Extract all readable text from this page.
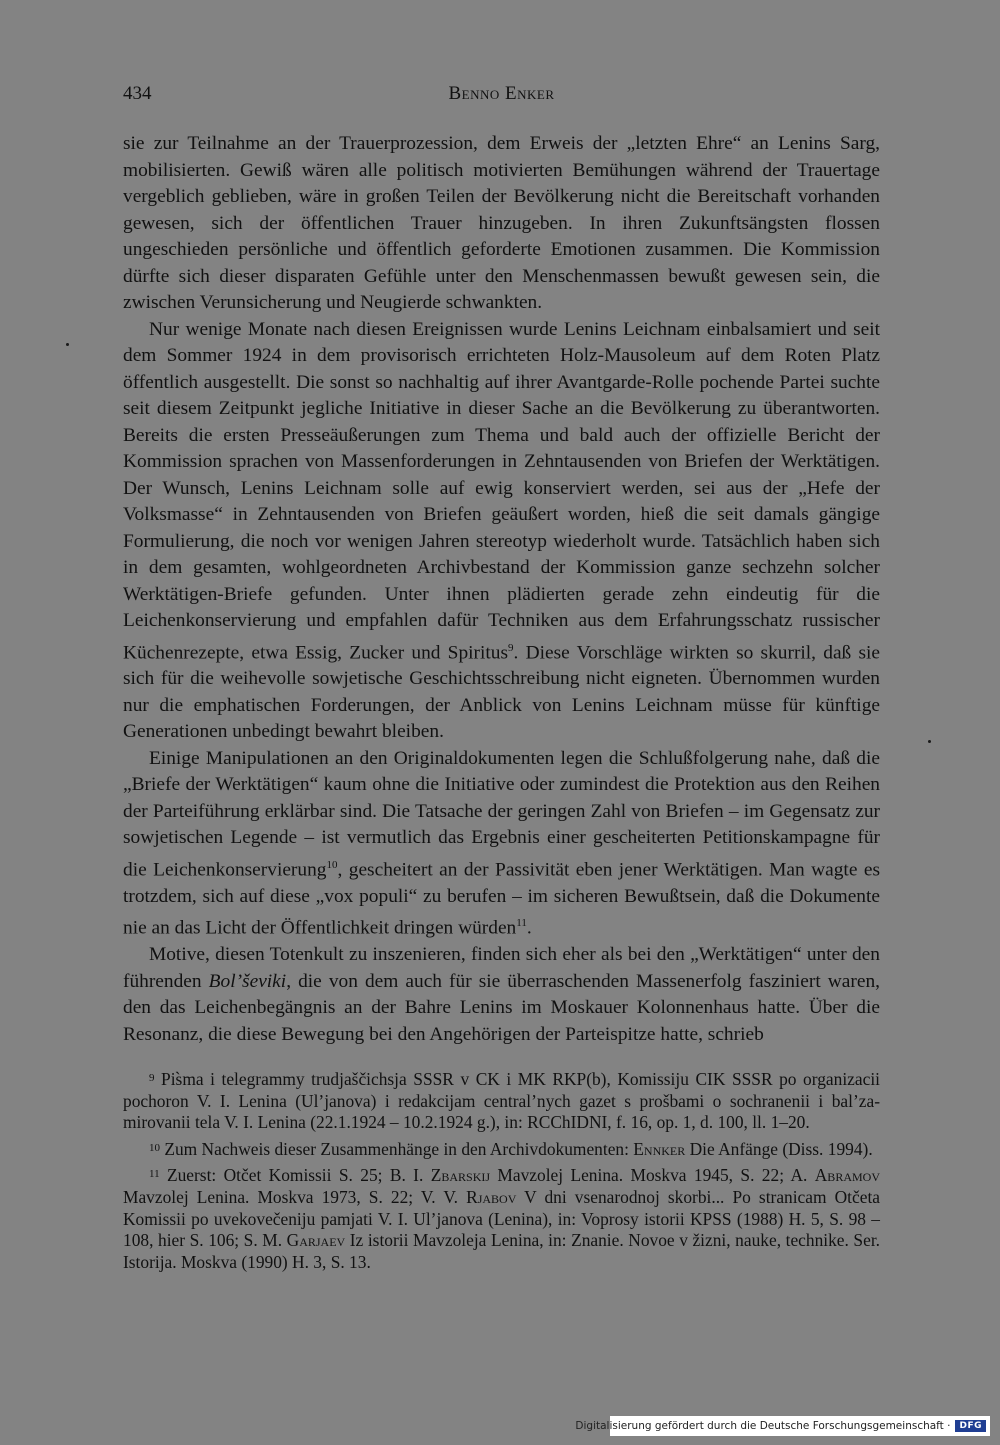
434	Benno Enker

sie zur Teilnahme an der Trauerprozession, dem Erweis der „letzten Ehre“ an Lenins Sarg, mobilisierten. Gewiß wären alle politisch motivierten Bemühungen während der Trauertage vergeblich geblieben, wäre in großen Teilen der Bevölkerung nicht die Bereitschaft vorhanden gewesen, sich der öffentlichen Trauer hinzugeben. In ihren Zukunftsängsten flossen ungeschieden persönliche und öffentlich geforderte Emotionen zusammen. Die Kommission dürfte sich dieser disparaten Gefühle unter den Menschenmassen bewußt gewesen sein, die zwischen Verunsicherung und Neugierde schwankten.

Nur wenige Monate nach diesen Ereignissen wurde Lenins Leichnam einbalsamiert und seit dem Sommer 1924 in dem provisorisch errichteten Holz-Mausoleum auf dem Roten Platz öffentlich ausgestellt. Die sonst so nachhaltig auf ihrer Avantgarde-Rolle pochende Partei suchte seit diesem Zeitpunkt jegliche Initiative in dieser Sache an die Bevölkerung zu überantworten. Bereits die ersten Presseäußerungen zum Thema und bald auch der offizielle Bericht der Kommission sprachen von Massenforderungen in Zehntausenden von Briefen der Werktätigen. Der Wunsch, Lenins Leichnam solle auf ewig konserviert werden, sei aus der „Hefe der Volksmasse“ in Zehntausenden von Briefen geäußert worden, hieß die seit damals gängige Formulierung, die noch vor wenigen Jahren stereotyp wiederholt wurde. Tatsächlich haben sich in dem gesamten, wohlgeordneten Archivbestand der Kommission ganze sechzehn solcher Werktätigen-Briefe gefunden. Unter ihnen plädierten gerade zehn eindeutig für die Leichenkonservierung und empfahlen dafür Techniken aus dem Erfahrungsschatz russischer Küchenrezepte, etwa Essig, Zucker und Spiritus$^9$. Diese Vorschläge wirkten so skurril, daß sie sich für die weihevolle sowjetische Geschichtsschreibung nicht eigneten. Übernommen wurden nur die emphatischen Forderungen, der Anblick von Lenins Leichnam müsse für künftige Generationen unbedingt bewahrt bleiben.

Einige Manipulationen an den Originaldokumenten legen die Schlußfolgerung nahe, daß die „Briefe der Werktätigen“ kaum ohne die Initiative oder zumindest die Protektion aus den Reihen der Parteiführung erklärbar sind. Die Tatsache der geringen Zahl von Briefen – im Gegensatz zur sowjetischen Legende – ist vermutlich das Ergebnis einer gescheiterten Petitionskampagne für die Leichenkonservierung$^{10}$, gescheitert an der Passivität eben jener Werktätigen. Man wagte es trotzdem, sich auf diese „vox populi“ zu berufen – im sicheren Bewußtsein, daß die Dokumente nie an das Licht der Öffentlichkeit dringen würden$^{11}$.

Motive, diesen Totenkult zu inszenieren, finden sich eher als bei den „Werktätigen“ unter den führenden Bol’ševiki, die von dem auch für sie überraschenden Massenerfolg fasziniert waren, den das Leichenbegängnis an der Bahre Lenins im Moskauer Kolonnenhaus hatte. Über die Resonanz, die diese Bewegung bei den Angehörigen der Parteispitze hatte, schrieb

$^9$ Pis̀ma i telegrammy trudjaščichsja SSSR v CK i MK RKP(b), Komissiju CIK SSSR po organizacii pochoron V. I. Lenina (Ul’janova) i redakcijam central’nych gazet s prošbami o sochranenii i bal’zamirovanii tela V. I. Lenina (22.1.1924 – 10.2.1924 g.), in: RCChIDNI, f. 16, op. 1, d. 100, ll. 1–20.

$^{10}$ Zum Nachweis dieser Zusammenhänge in den Archivdokumenten: Ennker Die Anfänge (Diss. 1994).

$^{11}$ Zuerst: Otčet Komissii S. 25; B. I. Zbarskij Mavzolej Lenina. Moskva 1945, S. 22; A. Abramov Mavzolej Lenina. Moskva 1973, S. 22; V. V. Rjabov V dni vsenarodnoj skorbi... Po stranicam Otčeta Komissii po uvekovečeniju pamjati V. I. Ul’janova (Lenina), in: Voprosy istorii KPSS (1988) H. 5, S. 98 – 108, hier S. 106; S. M. Garjaev Iz istorii Mavzoleja Lenina, in: Znanie. Novoe v žizni, nauke, technike. Ser. Istorija. Moskva (1990) H. 3, S. 13.

Digitalisierung gefördert durch die Deutsche Forschungsgemeinschaft ·	DFG
